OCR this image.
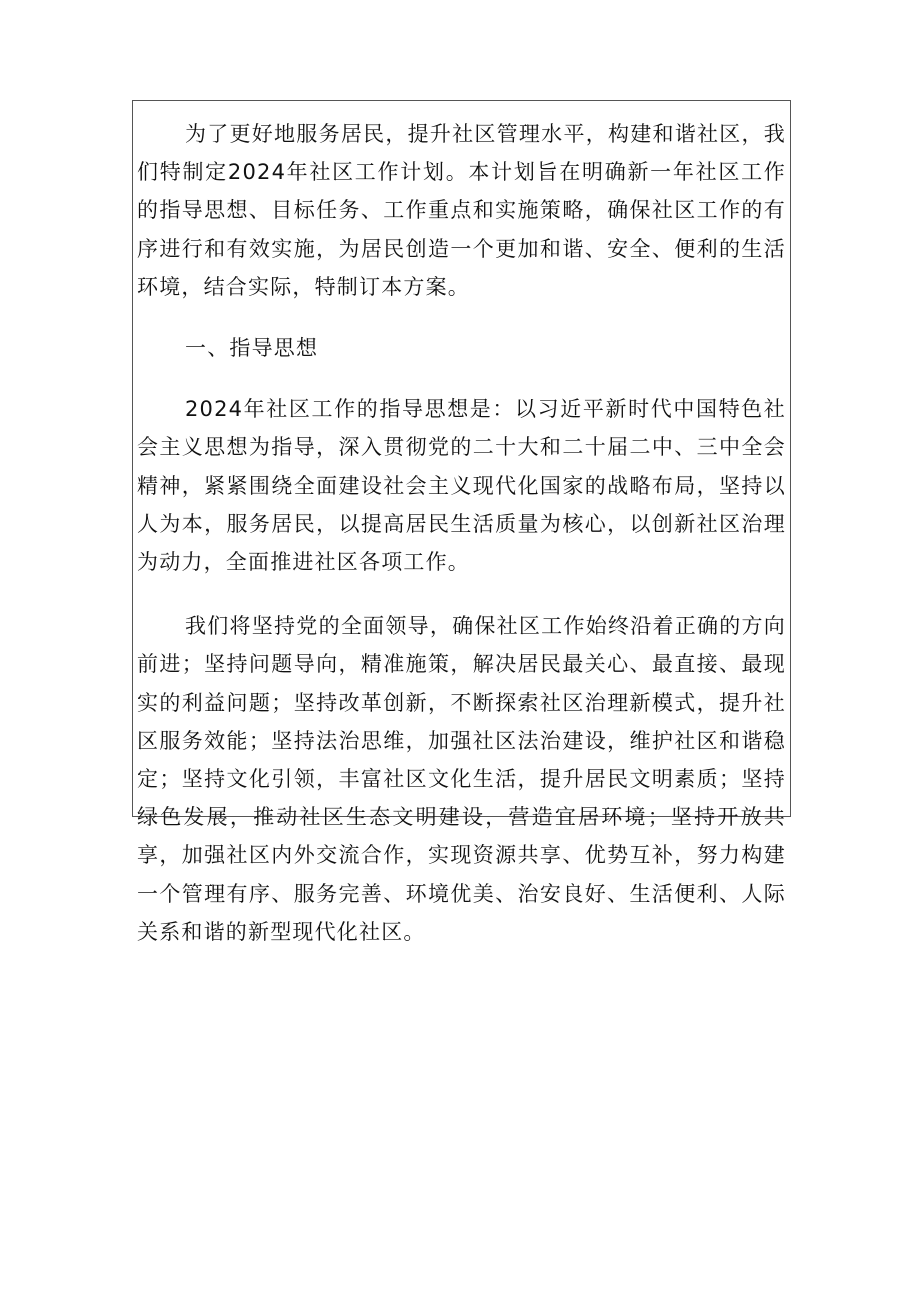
为了更好地服务居民，提升社区管理水平，构建和谐社区，我们特制定2024年社区工作计划。本计划旨在明确新一年社区工作的指导思想、目标任务、工作重点和实施策略，确保社区工作的有序进行和有效实施，为居民创造一个更加和谐、安全、便利的生活环境，结合实际，特制订本方案。

一、指导思想

2024年社区工作的指导思想是：以习近平新时代中国特色社会主义思想为指导，深入贯彻党的二十大和二十届二中、三中全会精神，紧紧围绕全面建设社会主义现代化国家的战略布局，坚持以人为本，服务居民，以提高居民生活质量为核心，以创新社区治理为动力，全面推进社区各项工作。

我们将坚持党的全面领导，确保社区工作始终沿着正确的方向前进；坚持问题导向，精准施策，解决居民最关心、最直接、最现实的利益问题；坚持改革创新，不断探索社区治理新模式，提升社区服务效能；坚持法治思维，加强社区法治建设，维护社区和谐稳定；坚持文化引领，丰富社区文化生活，提升居民文明素质；坚持绿色发展，推动社区生态文明建设，营造宜居环境；坚持开放共享，加强社区内外交流合作，实现资源共享、优势互补，努力构建一个管理有序、服务完善、环境优美、治安良好、生活便利、人际关系和谐的新型现代化社区。
